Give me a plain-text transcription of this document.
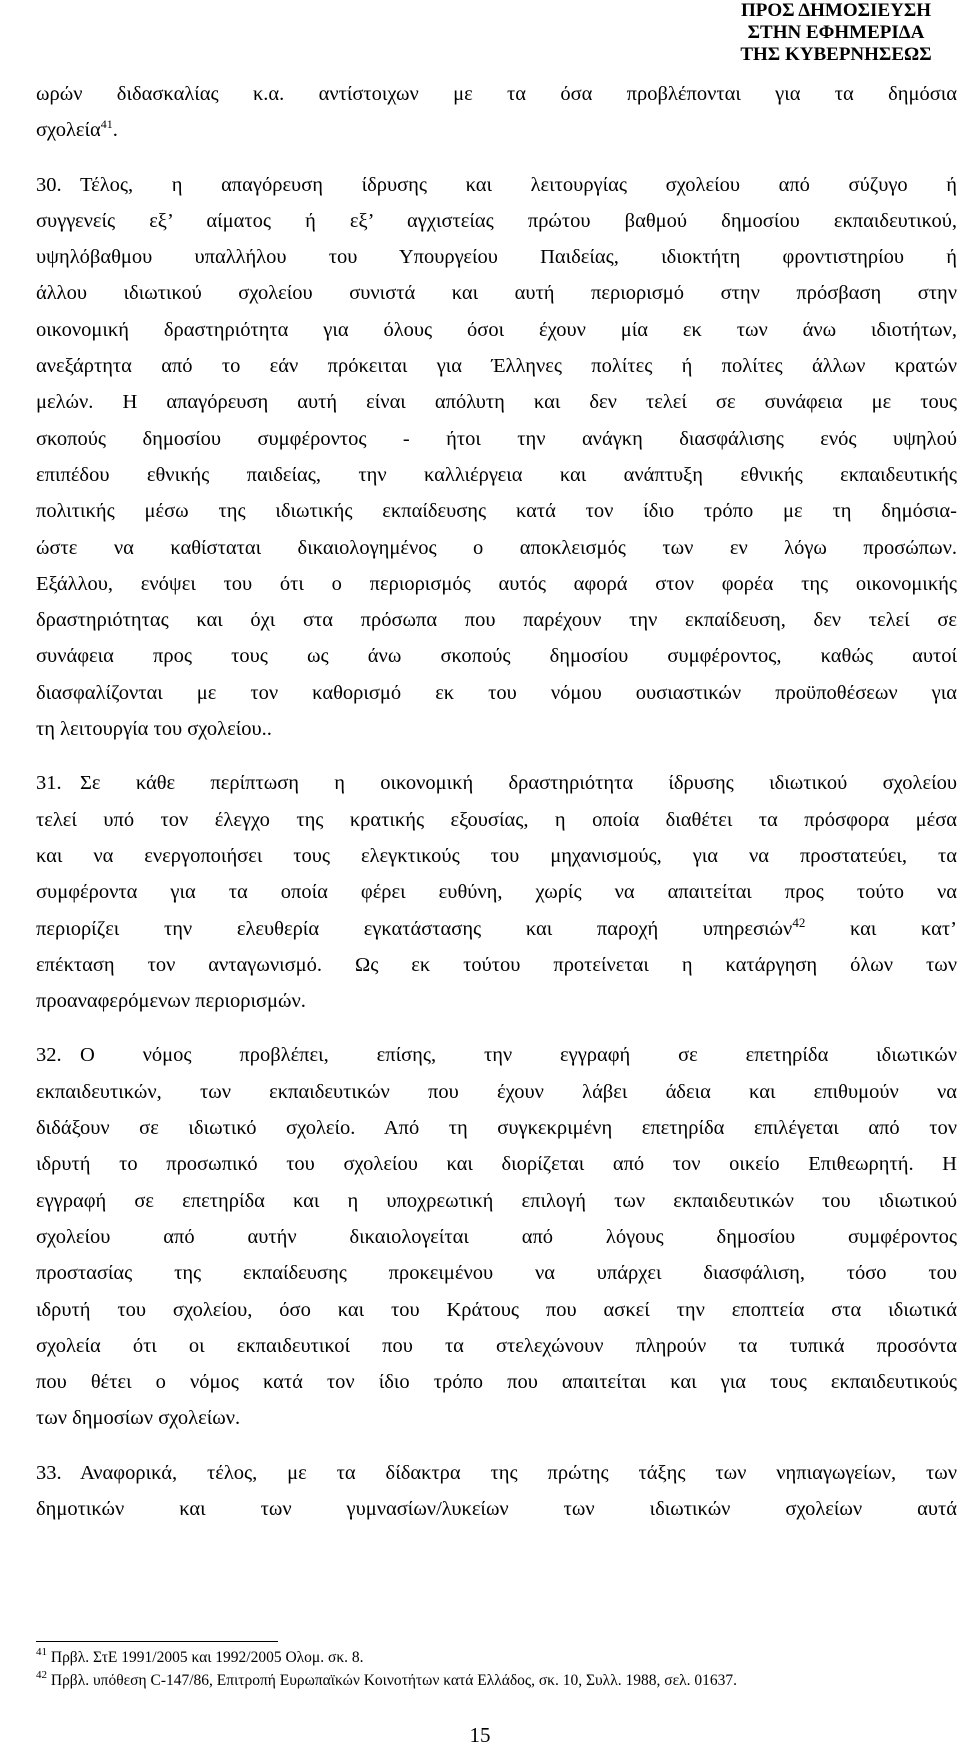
ΠΡΟΣ ΔΗΜΟΣΙΕΥΣΗ
ΣΤΗΝ ΕΦΗΜΕΡΙΔΑ
ΤΗΣ ΚΥΒΕΡΝΗΣΕΩΣ
ωρών διδασκαλίας κ.α. αντίστοιχων με τα όσα προβλέπονται για τα δημόσια
σχολεία$^{41}$.
30. Τέλος, η απαγόρευση ίδρυσης και λειτουργίας σχολείου από σύζυγο ή
συγγενείς εξ’ αίματος ή εξ’ αγχιστείας πρώτου βαθμού δημοσίου εκπαιδευτικού,
υψηλόβαθμου υπαλλήλου του Υπουργείου Παιδείας, ιδιοκτήτη φροντιστηρίου ή
άλλου ιδιωτικού σχολείου συνιστά και αυτή περιορισμό στην πρόσβαση στην
οικονομική δραστηριότητα για όλους όσοι έχουν μία εκ των άνω ιδιοτήτων,
ανεξάρτητα από το εάν πρόκειται για Έλληνες πολίτες ή πολίτες άλλων κρατών
μελών. Η απαγόρευση αυτή είναι απόλυτη και δεν τελεί σε συνάφεια με τους
σκοπούς δημοσίου συμφέροντος - ήτοι την ανάγκη διασφάλισης ενός υψηλού
επιπέδου εθνικής παιδείας, την καλλιέργεια και ανάπτυξη εθνικής εκπαιδευτικής
πολιτικής μέσω της ιδιωτικής εκπαίδευσης κατά τον ίδιο τρόπο με τη δημόσια-
ώστε να καθίσταται δικαιολογημένος ο αποκλεισμός των εν λόγω προσώπων.
Εξάλλου, ενόψει του ότι ο περιορισμός αυτός αφορά στον φορέα της οικονομικής
δραστηριότητας και όχι στα πρόσωπα που παρέχουν την εκπαίδευση, δεν τελεί σε
συνάφεια προς τους ως άνω σκοπούς δημοσίου συμφέροντος, καθώς αυτοί
διασφαλίζονται με τον καθορισμό εκ του νόμου ουσιαστικών προϋποθέσεων για
τη λειτουργία του σχολείου..
31. Σε κάθε περίπτωση η οικονομική δραστηριότητα ίδρυσης ιδιωτικού σχολείου
τελεί υπό τον έλεγχο της κρατικής εξουσίας, η οποία διαθέτει τα πρόσφορα μέσα
και να ενεργοποιήσει τους ελεγκτικούς του μηχανισμούς, για να προστατεύει, τα
συμφέροντα για τα οποία φέρει ευθύνη, χωρίς να απαιτείται προς τούτο να
περιορίζει την ελευθερία εγκατάστασης και παροχή υπηρεσιών$^{42}$ και κατ’
επέκταση τον ανταγωνισμό. Ως εκ τούτου προτείνεται η κατάργηση όλων των
προαναφερόμενων περιορισμών.
32. Ο νόμος προβλέπει, επίσης, την εγγραφή σε επετηρίδα ιδιωτικών
εκπαιδευτικών, των εκπαιδευτικών που έχουν λάβει άδεια και επιθυμούν να
διδάξουν σε ιδιωτικό σχολείο. Από τη συγκεκριμένη επετηρίδα επιλέγεται από τον
ιδρυτή το προσωπικό του σχολείου και διορίζεται από τον οικείο Επιθεωρητή. Η
εγγραφή σε επετηρίδα και η υποχρεωτική επιλογή των εκπαιδευτικών του ιδιωτικού
σχολείου από αυτήν δικαιολογείται από λόγους δημοσίου συμφέροντος
προστασίας της εκπαίδευσης προκειμένου να υπάρχει διασφάλιση, τόσο του
ιδρυτή του σχολείου, όσο και του Κράτους που ασκεί την εποπτεία στα ιδιωτικά
σχολεία ότι οι εκπαιδευτικοί που τα στελεχώνουν πληρούν τα τυπικά προσόντα
που θέτει ο νόμος κατά τον ίδιο τρόπο που απαιτείται και για τους εκπαιδευτικούς
των δημοσίων σχολείων.
33. Αναφορικά, τέλος, με τα δίδακτρα της πρώτης τάξης των νηπιαγωγείων, των
δημοτικών και των γυμνασίων/λυκείων των ιδιωτικών σχολείων αυτά
$^{41}$ Πρβλ. ΣτΕ 1991/2005 και 1992/2005 Ολομ. σκ. 8.
$^{42}$ Πρβλ. υπόθεση C-147/86, Επιτροπή Ευρωπαϊκών Κοινοτήτων κατά Ελλάδος, σκ. 10, Συλλ. 1988, σελ. 01637.
15
